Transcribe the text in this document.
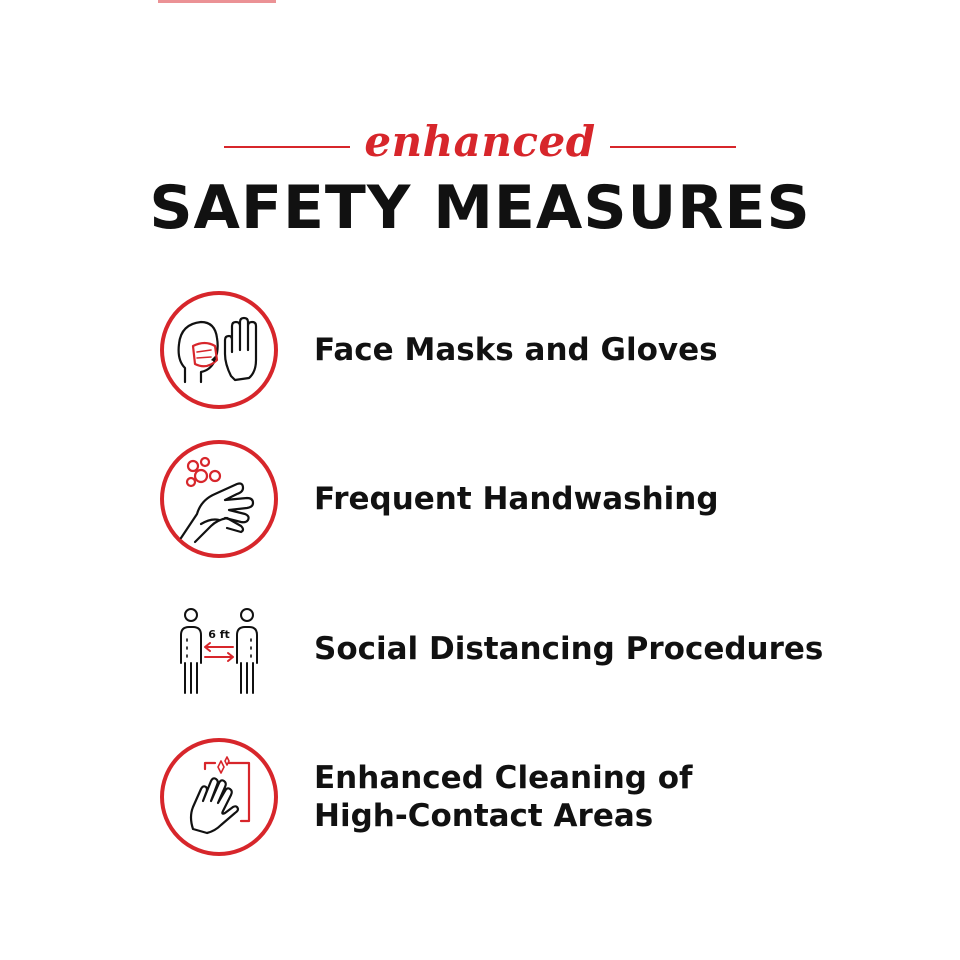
enhanced
SAFETY MEASURES
Face Masks and Gloves
Frequent Handwashing
6 ft	Social Distancing Procedures
Enhanced Cleaning of
High-Contact Areas
